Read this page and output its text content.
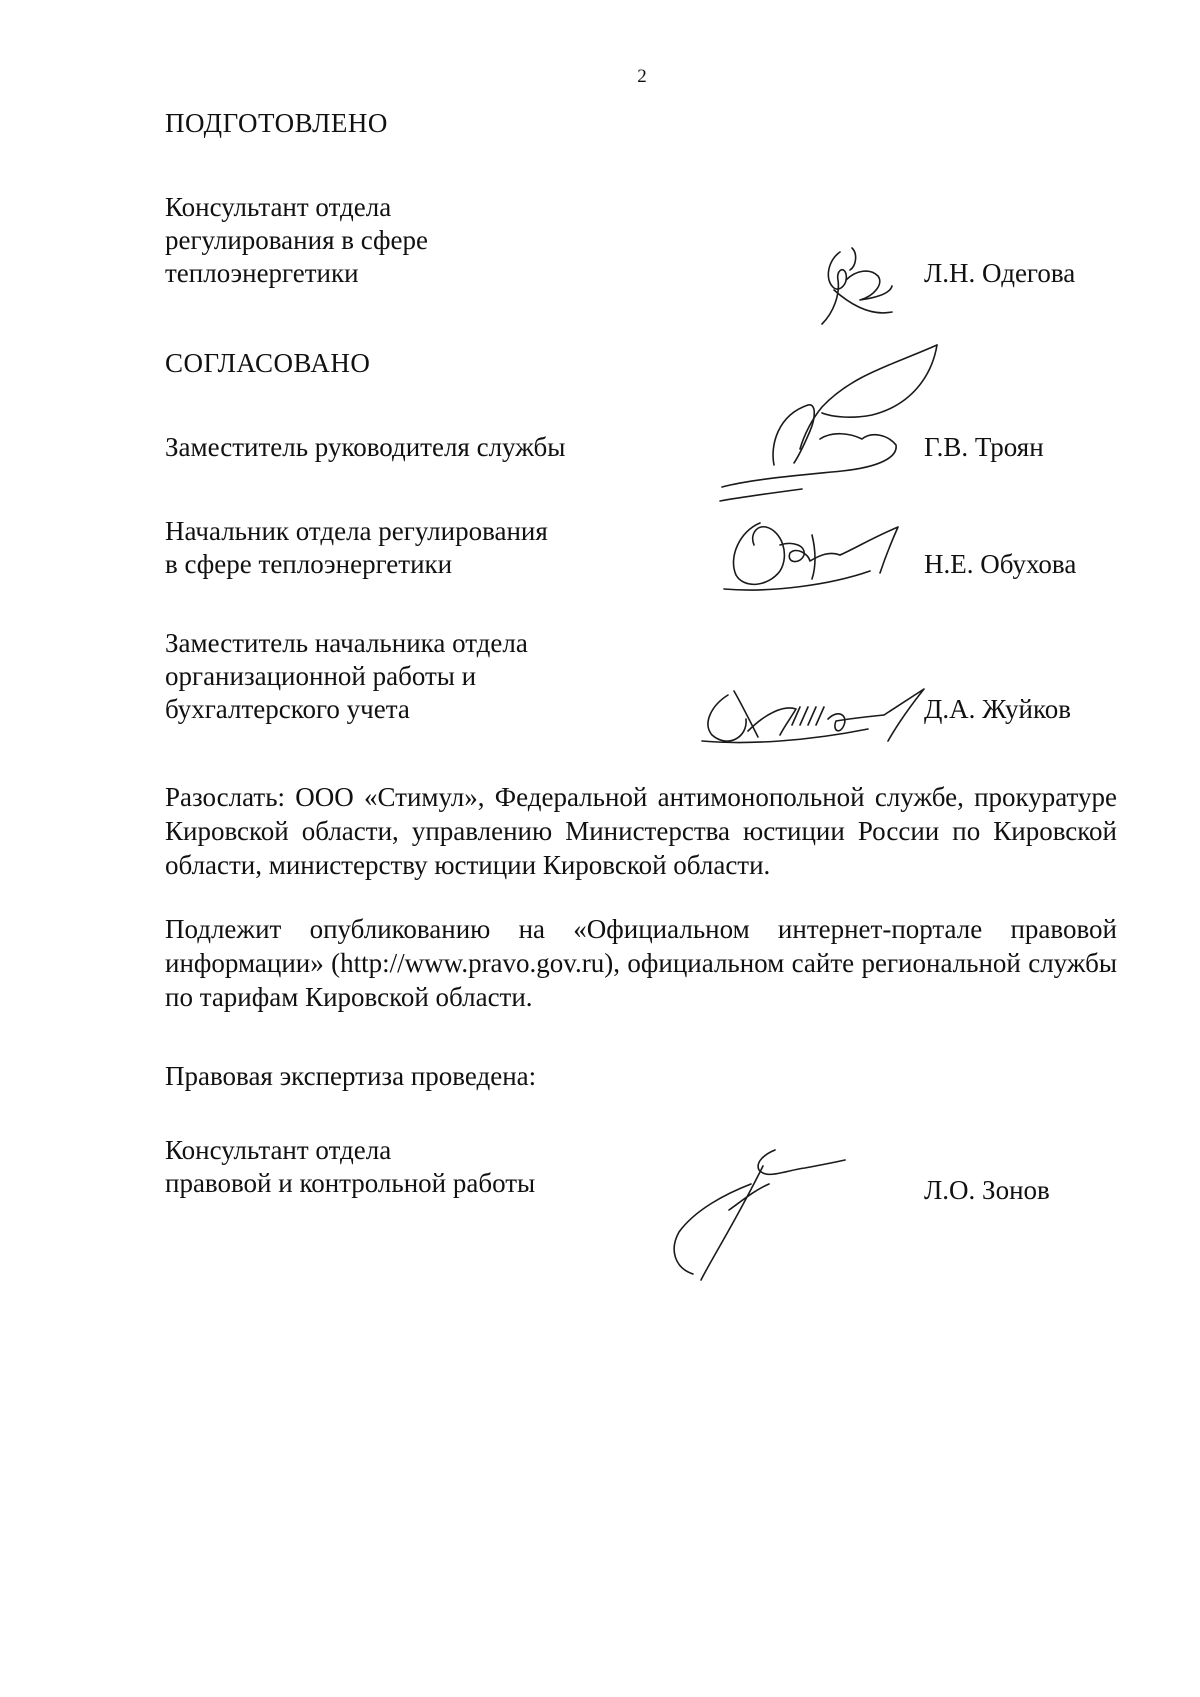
2
ПОДГОТОВЛЕНО
Консультант отдела
регулирования в сфере
теплоэнергетики	Л.Н. Одегова
СОГЛАСОВАНО
Заместитель руководителя службы	Г.В. Троян
Начальник отдела регулирования
в сфере теплоэнергетики	Н.Е. Обухова
Заместитель начальника отдела
организационной работы и
бухгалтерского учета	Д.А. Жуйков

Разослать: ООО «Стимул», Федеральной антимонопольной службе, прокуратуре Кировской области, управлению Министерства юстиции России по Кировской области, министерству юстиции Кировской области.

Подлежит опубликованию на «Официальном интернет-портале правовой информации» (http://www.pravo.gov.ru), официальном сайте региональной службы по тарифам Кировской области.

Правовая экспертиза проведена:
Консультант отдела
правовой и контрольной работы	Л.О. Зонов
